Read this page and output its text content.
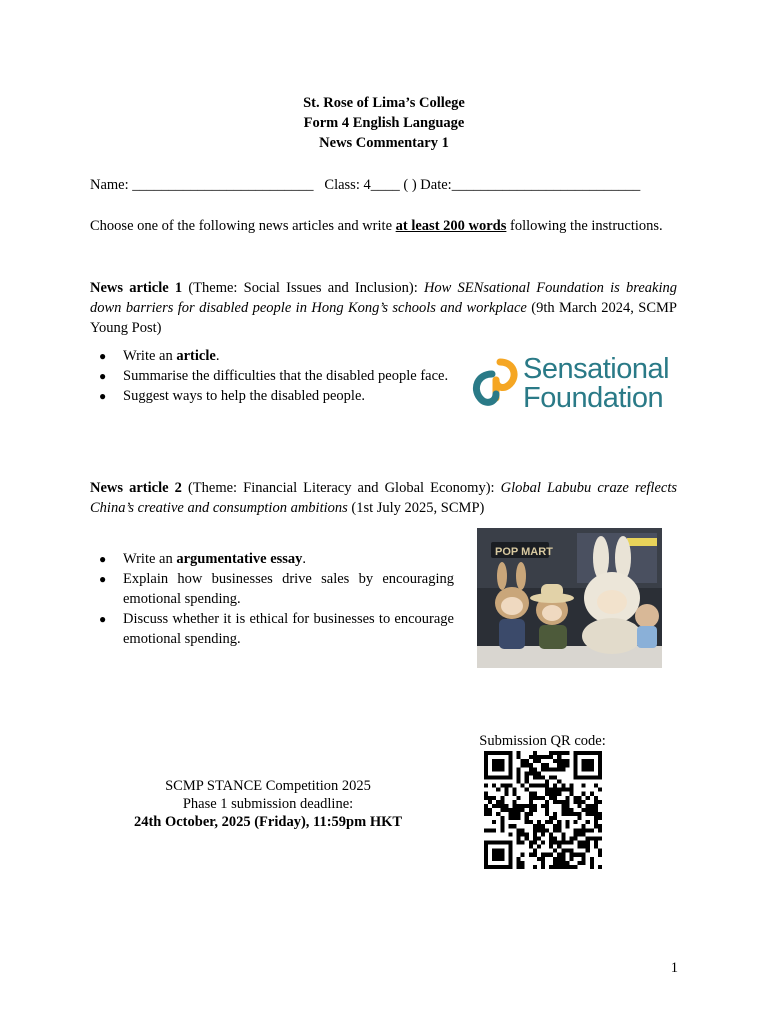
St. Rose of Lima’s College
Form 4 English Language
News Commentary 1
Name: _________________________ Class: 4____ ( ) Date:__________________________
Choose one of the following news articles and write at least 200 words following the instructions.
News article 1 (Theme: Social Issues and Inclusion): How SENsational Foundation is breaking down barriers for disabled people in Hong Kong’s schools and workplace (9th March 2024, SCMP Young Post)
● Write an article.
● Summarise the difficulties that the disabled people face.
● Suggest ways to help the disabled people.
Sensational
Foundation
News article 2 (Theme: Financial Literacy and Global Economy): Global Labubu craze reflects China’s creative and consumption ambitions (1st July 2025, SCMP)
● Write an argumentative essay.
● Explain how businesses drive sales by encouraging emotional spending.
● Discuss whether it is ethical for businesses to encourage emotional spending.
POP MART
SCMP STANCE Competition 2025
Phase 1 submission deadline:
24th October, 2025 (Friday), 11:59pm HKT
Submission QR code:
1
